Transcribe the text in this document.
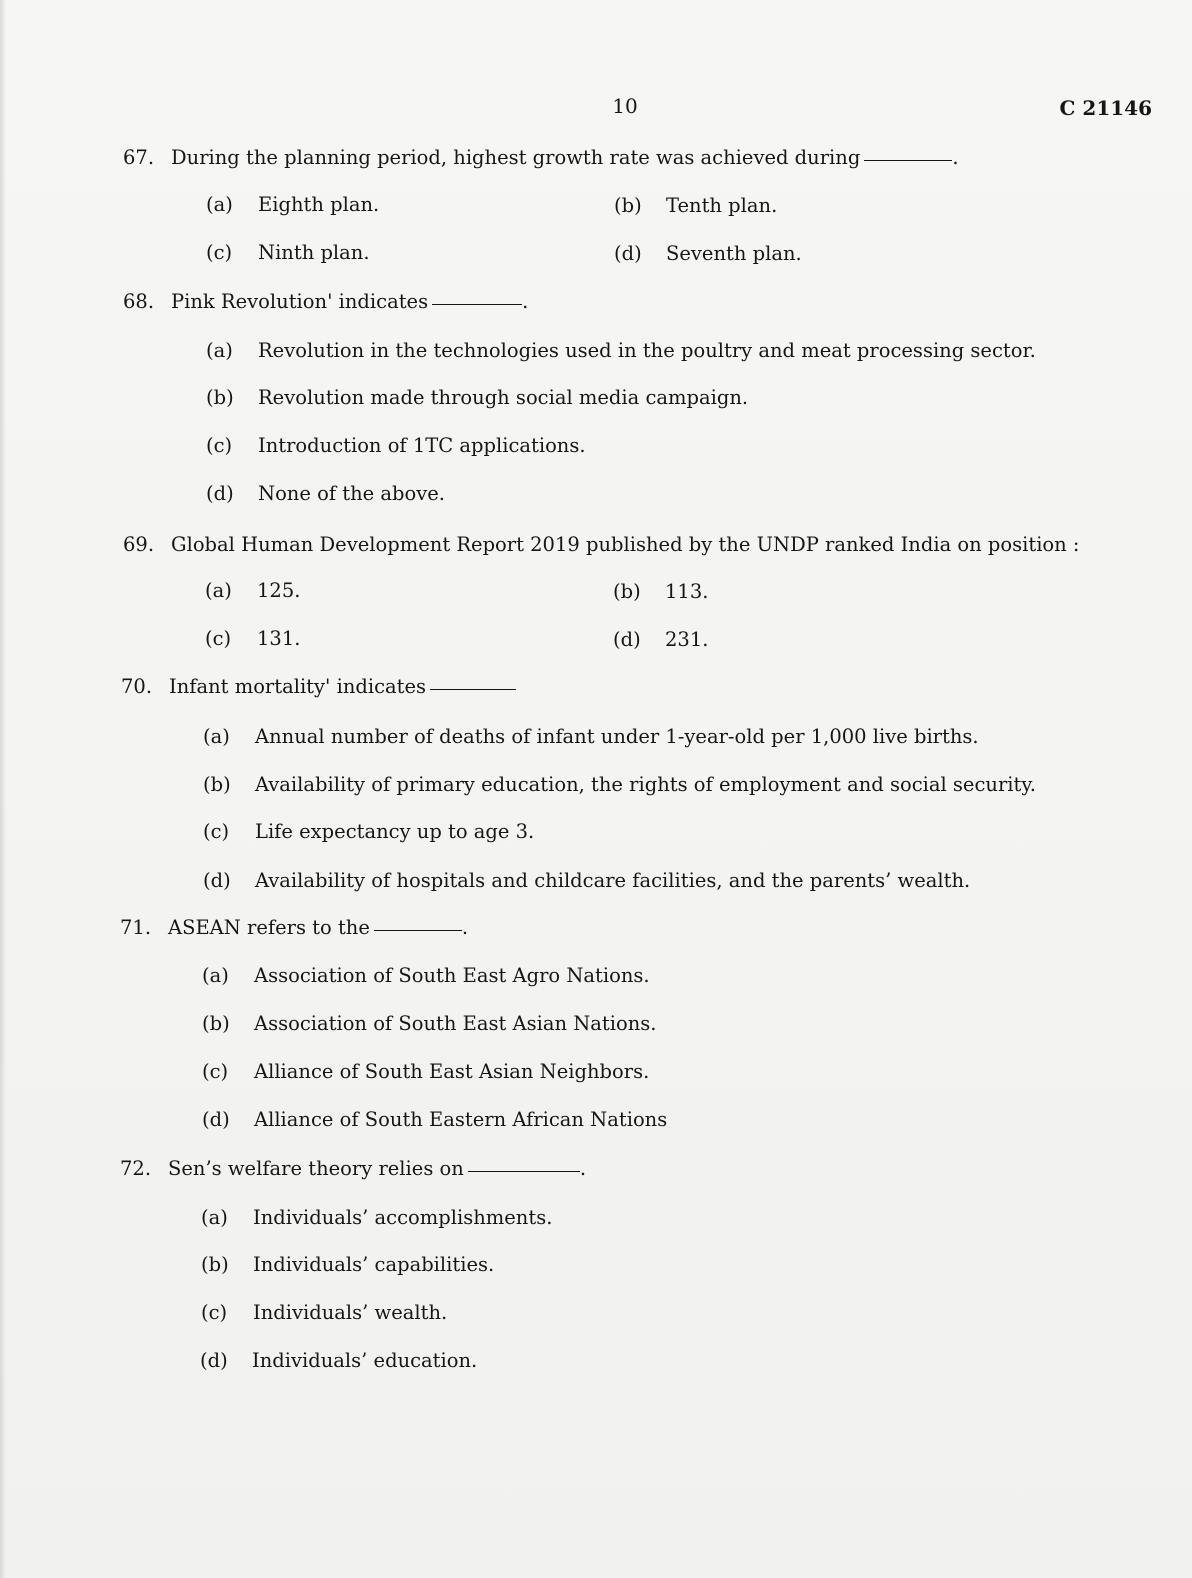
10	C 21146
67. During the planning period, highest growth rate was achieved during	.
(a) Eighth plan.	(b) Tenth plan.
(c) Ninth plan.	(d) Seventh plan.
68. Pink Revolution' indicates	.
(a) Revolution in the technologies used in the poultry and meat processing sector.
(b) Revolution made through social media campaign.
(c) Introduction of 1TC applications.
(d) None of the above.
69. Global Human Development Report 2019 published by the UNDP ranked India on position :
(a) 125.	(b) 113.
(c) 131.	(d) 231.
70. Infant mortality' indicates
(a) Annual number of deaths of infant under 1-year-old per 1,000 live births.
(b) Availability of primary education, the rights of employment and social security.
(c) Life expectancy up to age 3.
(d) Availability of hospitals and childcare facilities, and the parents’ wealth.
71. ASEAN refers to the	.
(a) Association of South East Agro Nations.
(b) Association of South East Asian Nations.
(c) Alliance of South East Asian Neighbors.
(d) Alliance of South Eastern African Nations
72. Sen’s welfare theory relies on	.
(a) Individuals’ accomplishments.
(b) Individuals’ capabilities.
(c) Individuals’ wealth.
(d) Individuals’ education.
